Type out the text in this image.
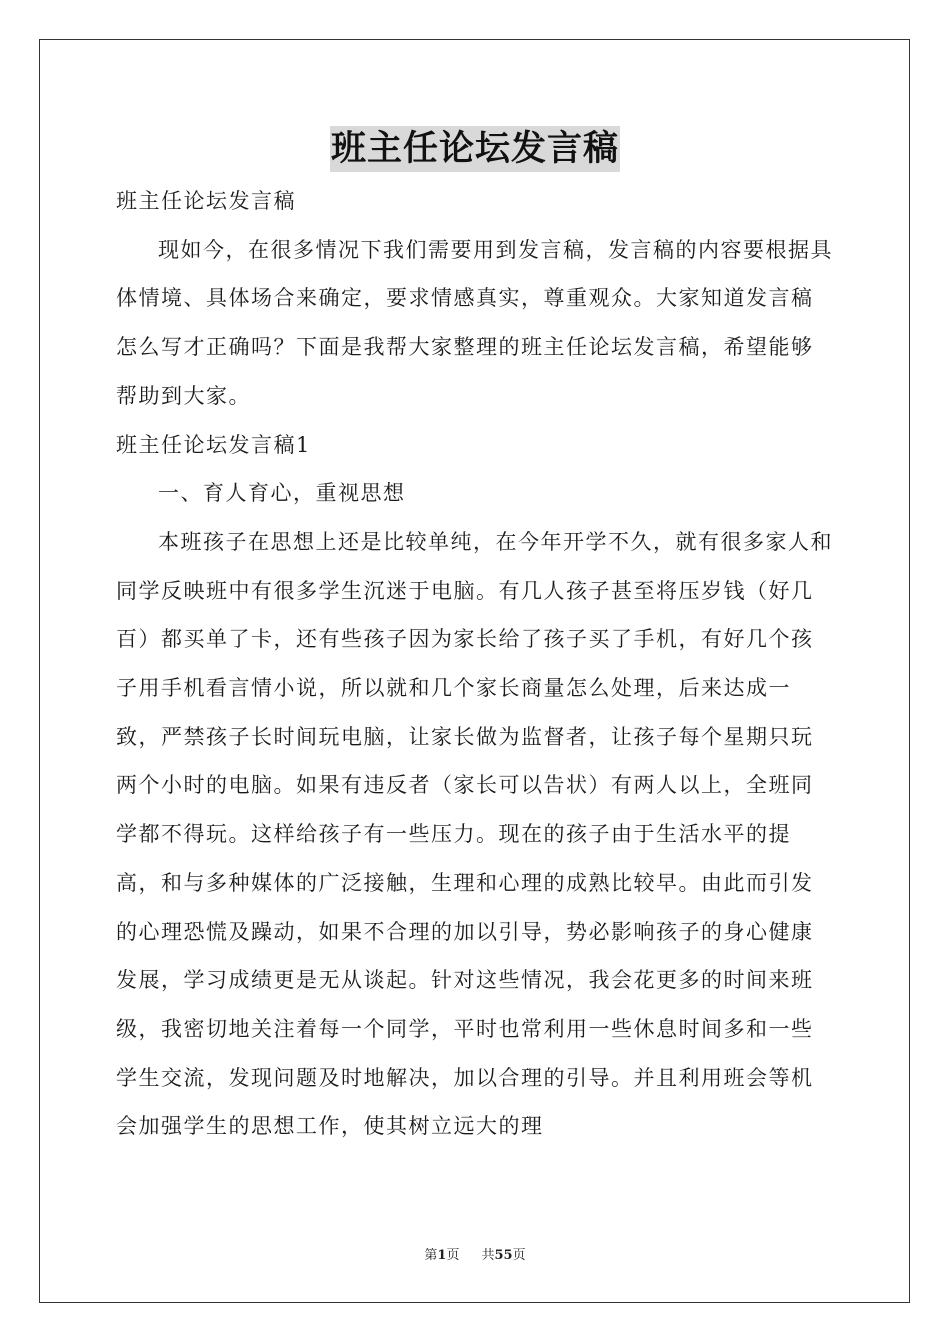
班主任论坛发言稿

班主任论坛发言稿

现如今，在很多情况下我们需要用到发言稿，发言稿的内容要根据具体情境、具体场合来确定，要求情感真实，尊重观众。大家知道发言稿怎么写才正确吗？下面是我帮大家整理的班主任论坛发言稿，希望能够帮助到大家。

班主任论坛发言稿1

一、育人育心，重视思想

本班孩子在思想上还是比较单纯，在今年开学不久，就有很多家人和同学反映班中有很多学生沉迷于电脑。有几人孩子甚至将压岁钱（好几百）都买单了卡，还有些孩子因为家长给了孩子买了手机，有好几个孩子用手机看言情小说，所以就和几个家长商量怎么处理，后来达成一致，严禁孩子长时间玩电脑，让家长做为监督者，让孩子每个星期只玩两个小时的电脑。如果有违反者（家长可以告状）有两人以上，全班同学都不得玩。这样给孩子有一些压力。现在的孩子由于生活水平的提高，和与多种媒体的广泛接触，生理和心理的成熟比较早。由此而引发的心理恐慌及躁动，如果不合理的加以引导，势必影响孩子的身心健康发展，学习成绩更是无从谈起。针对这些情况，我会花更多的时间来班级，我密切地关注着每一个同学，平时也常利用一些休息时间多和一些学生交流，发现问题及时地解决，加以合理的引导。并且利用班会等机会加强学生的思想工作，使其树立远大的理

第1页 共55页
